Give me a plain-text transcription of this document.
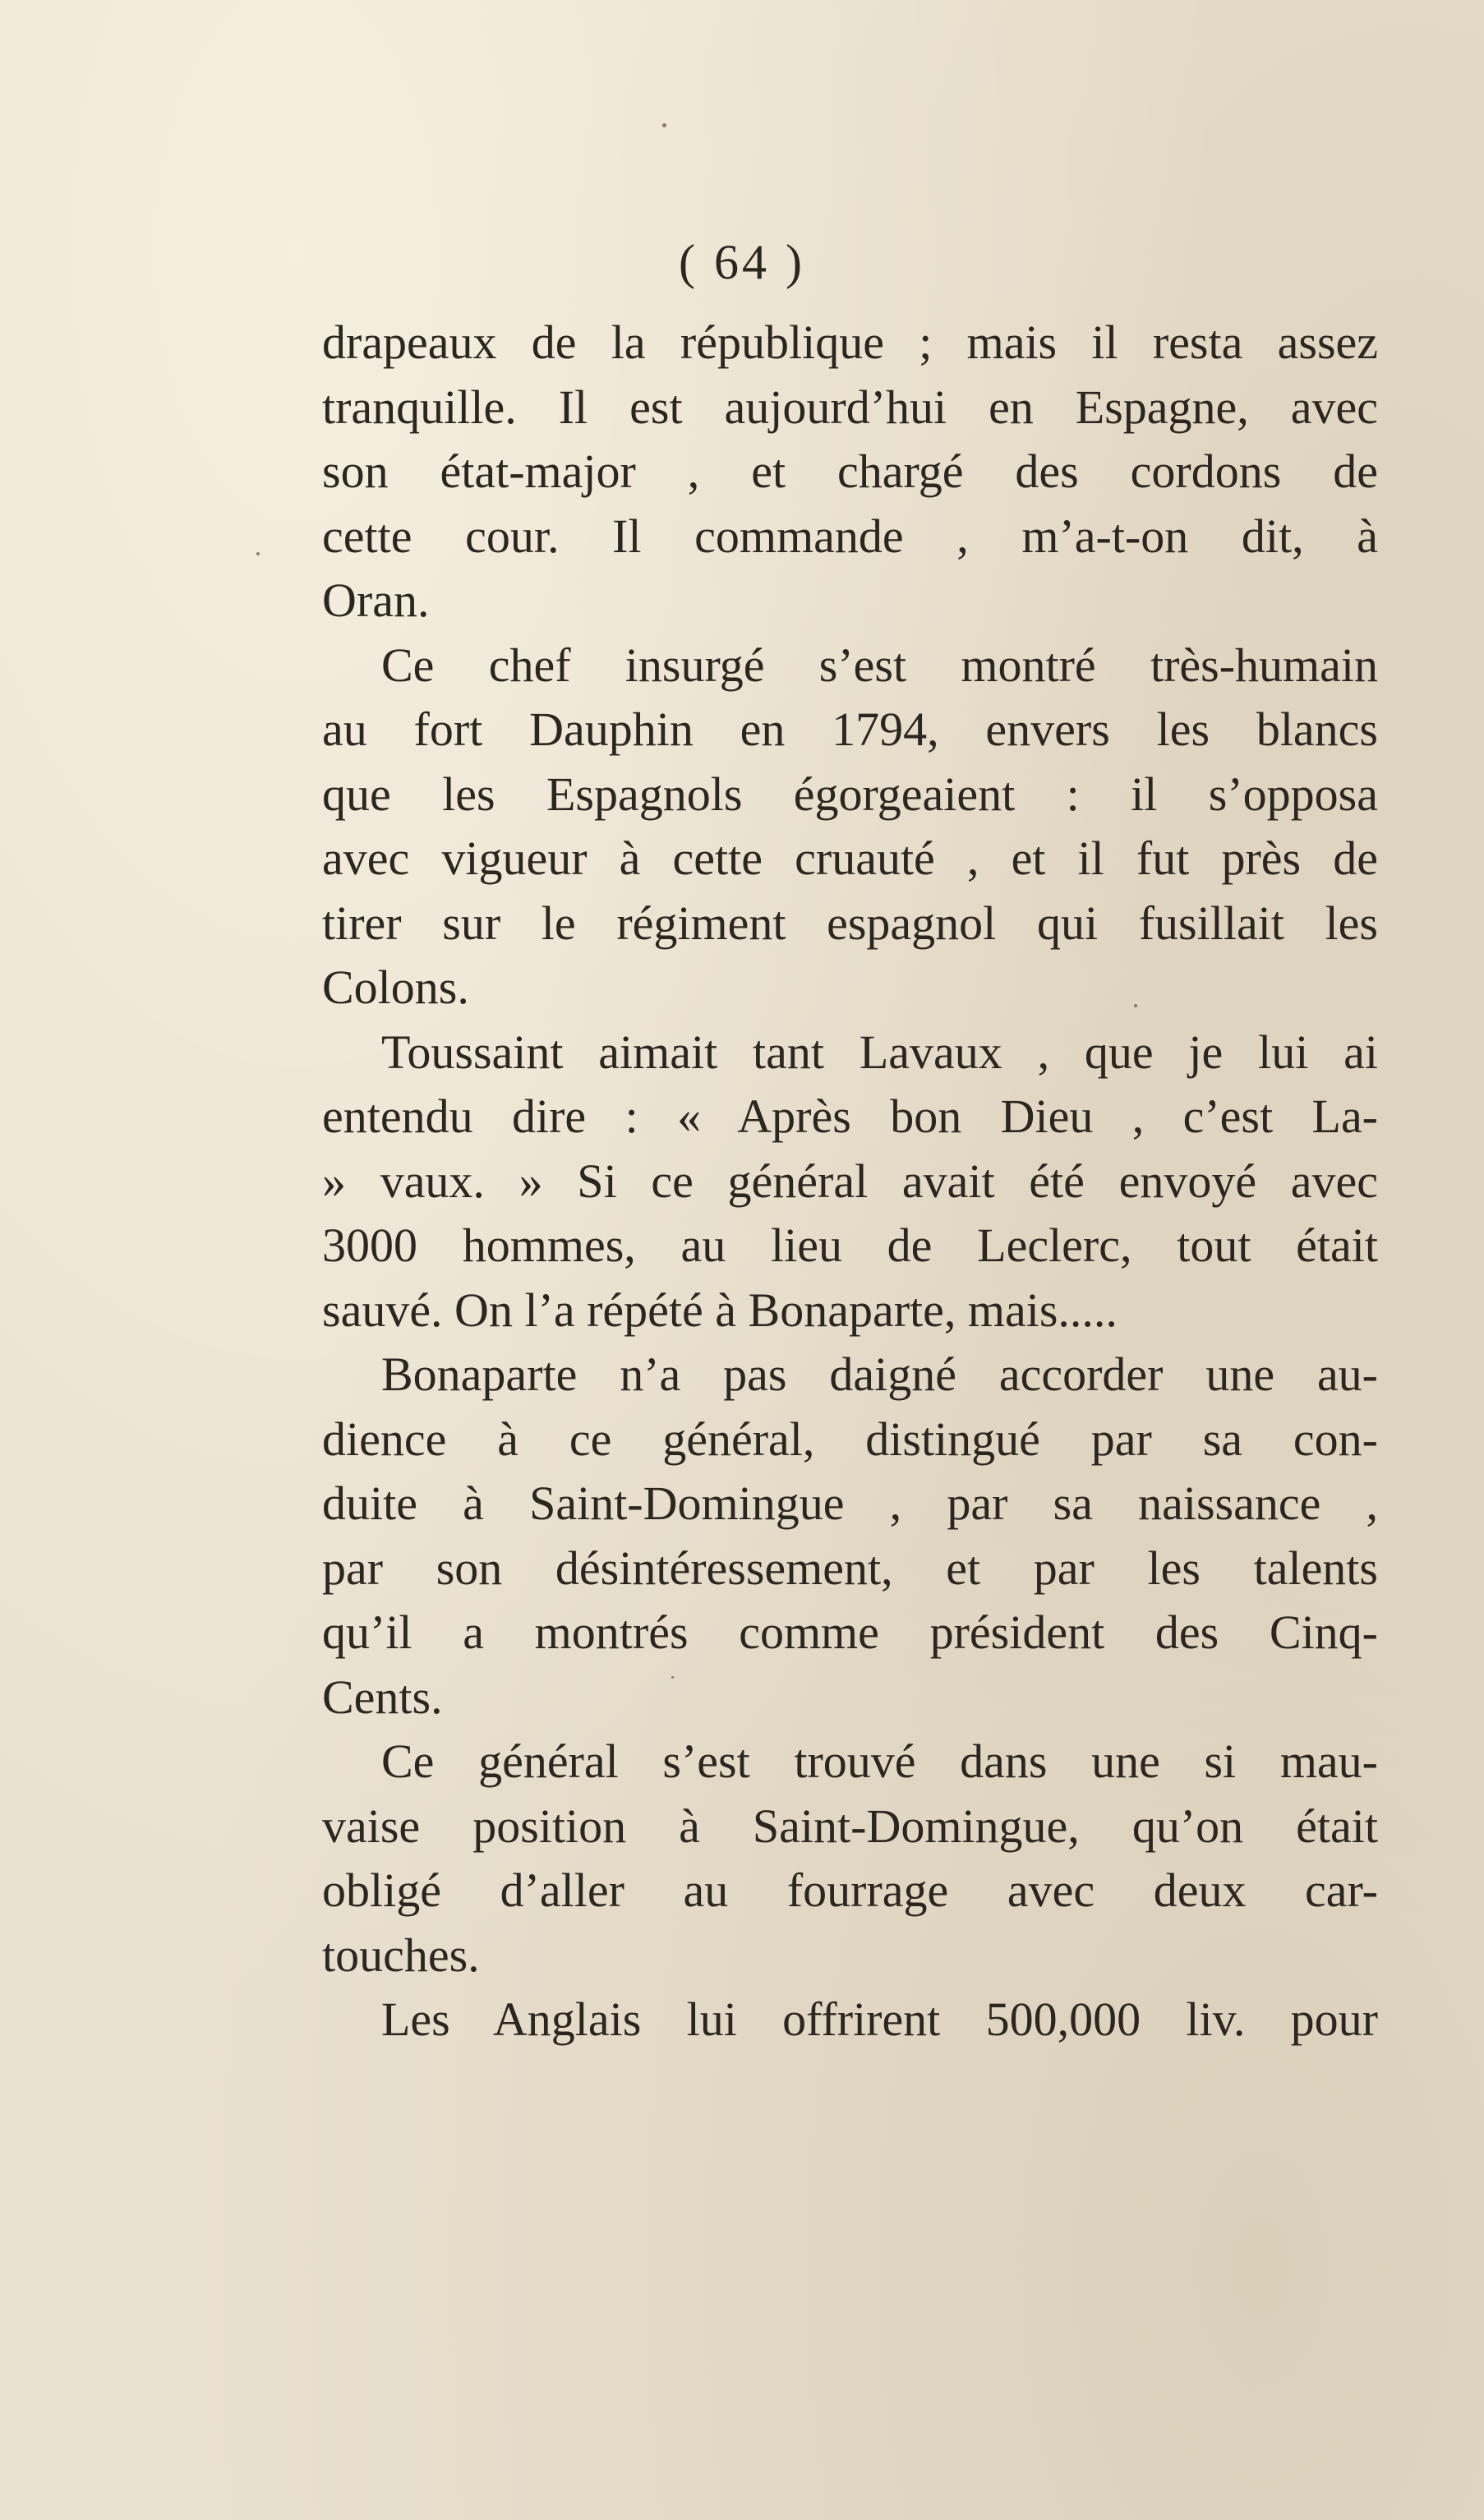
( 64 )
drapeaux de la république ; mais il resta assez
tranquille. Il est aujourd’hui en Espagne, avec
son état-major , et chargé des cordons de
cette cour. Il commande , m’a-t-on dit, à
Oran.
Ce chef insurgé s’est montré très-humain
au fort Dauphin en 1794, envers les blancs
que les Espagnols égorgeaient : il s’opposa
avec vigueur à cette cruauté , et il fut près de
tirer sur le régiment espagnol qui fusillait les
Colons.
Toussaint aimait tant Lavaux , que je lui ai
entendu dire : « Après bon Dieu , c’est La-
» vaux. » Si ce général avait été envoyé avec
3000 hommes, au lieu de Leclerc, tout était
sauvé. On l’a répété à Bonaparte, mais.....
Bonaparte n’a pas daigné accorder une au-
dience à ce général, distingué par sa con-
duite à Saint-Domingue , par sa naissance ,
par son désintéressement, et par les talents
qu’il a montrés comme président des Cinq-
Cents.
Ce général s’est trouvé dans une si mau-
vaise position à Saint-Domingue, qu’on était
obligé d’aller au fourrage avec deux car-
touches.
Les Anglais lui offrirent 500,000 liv. pour
